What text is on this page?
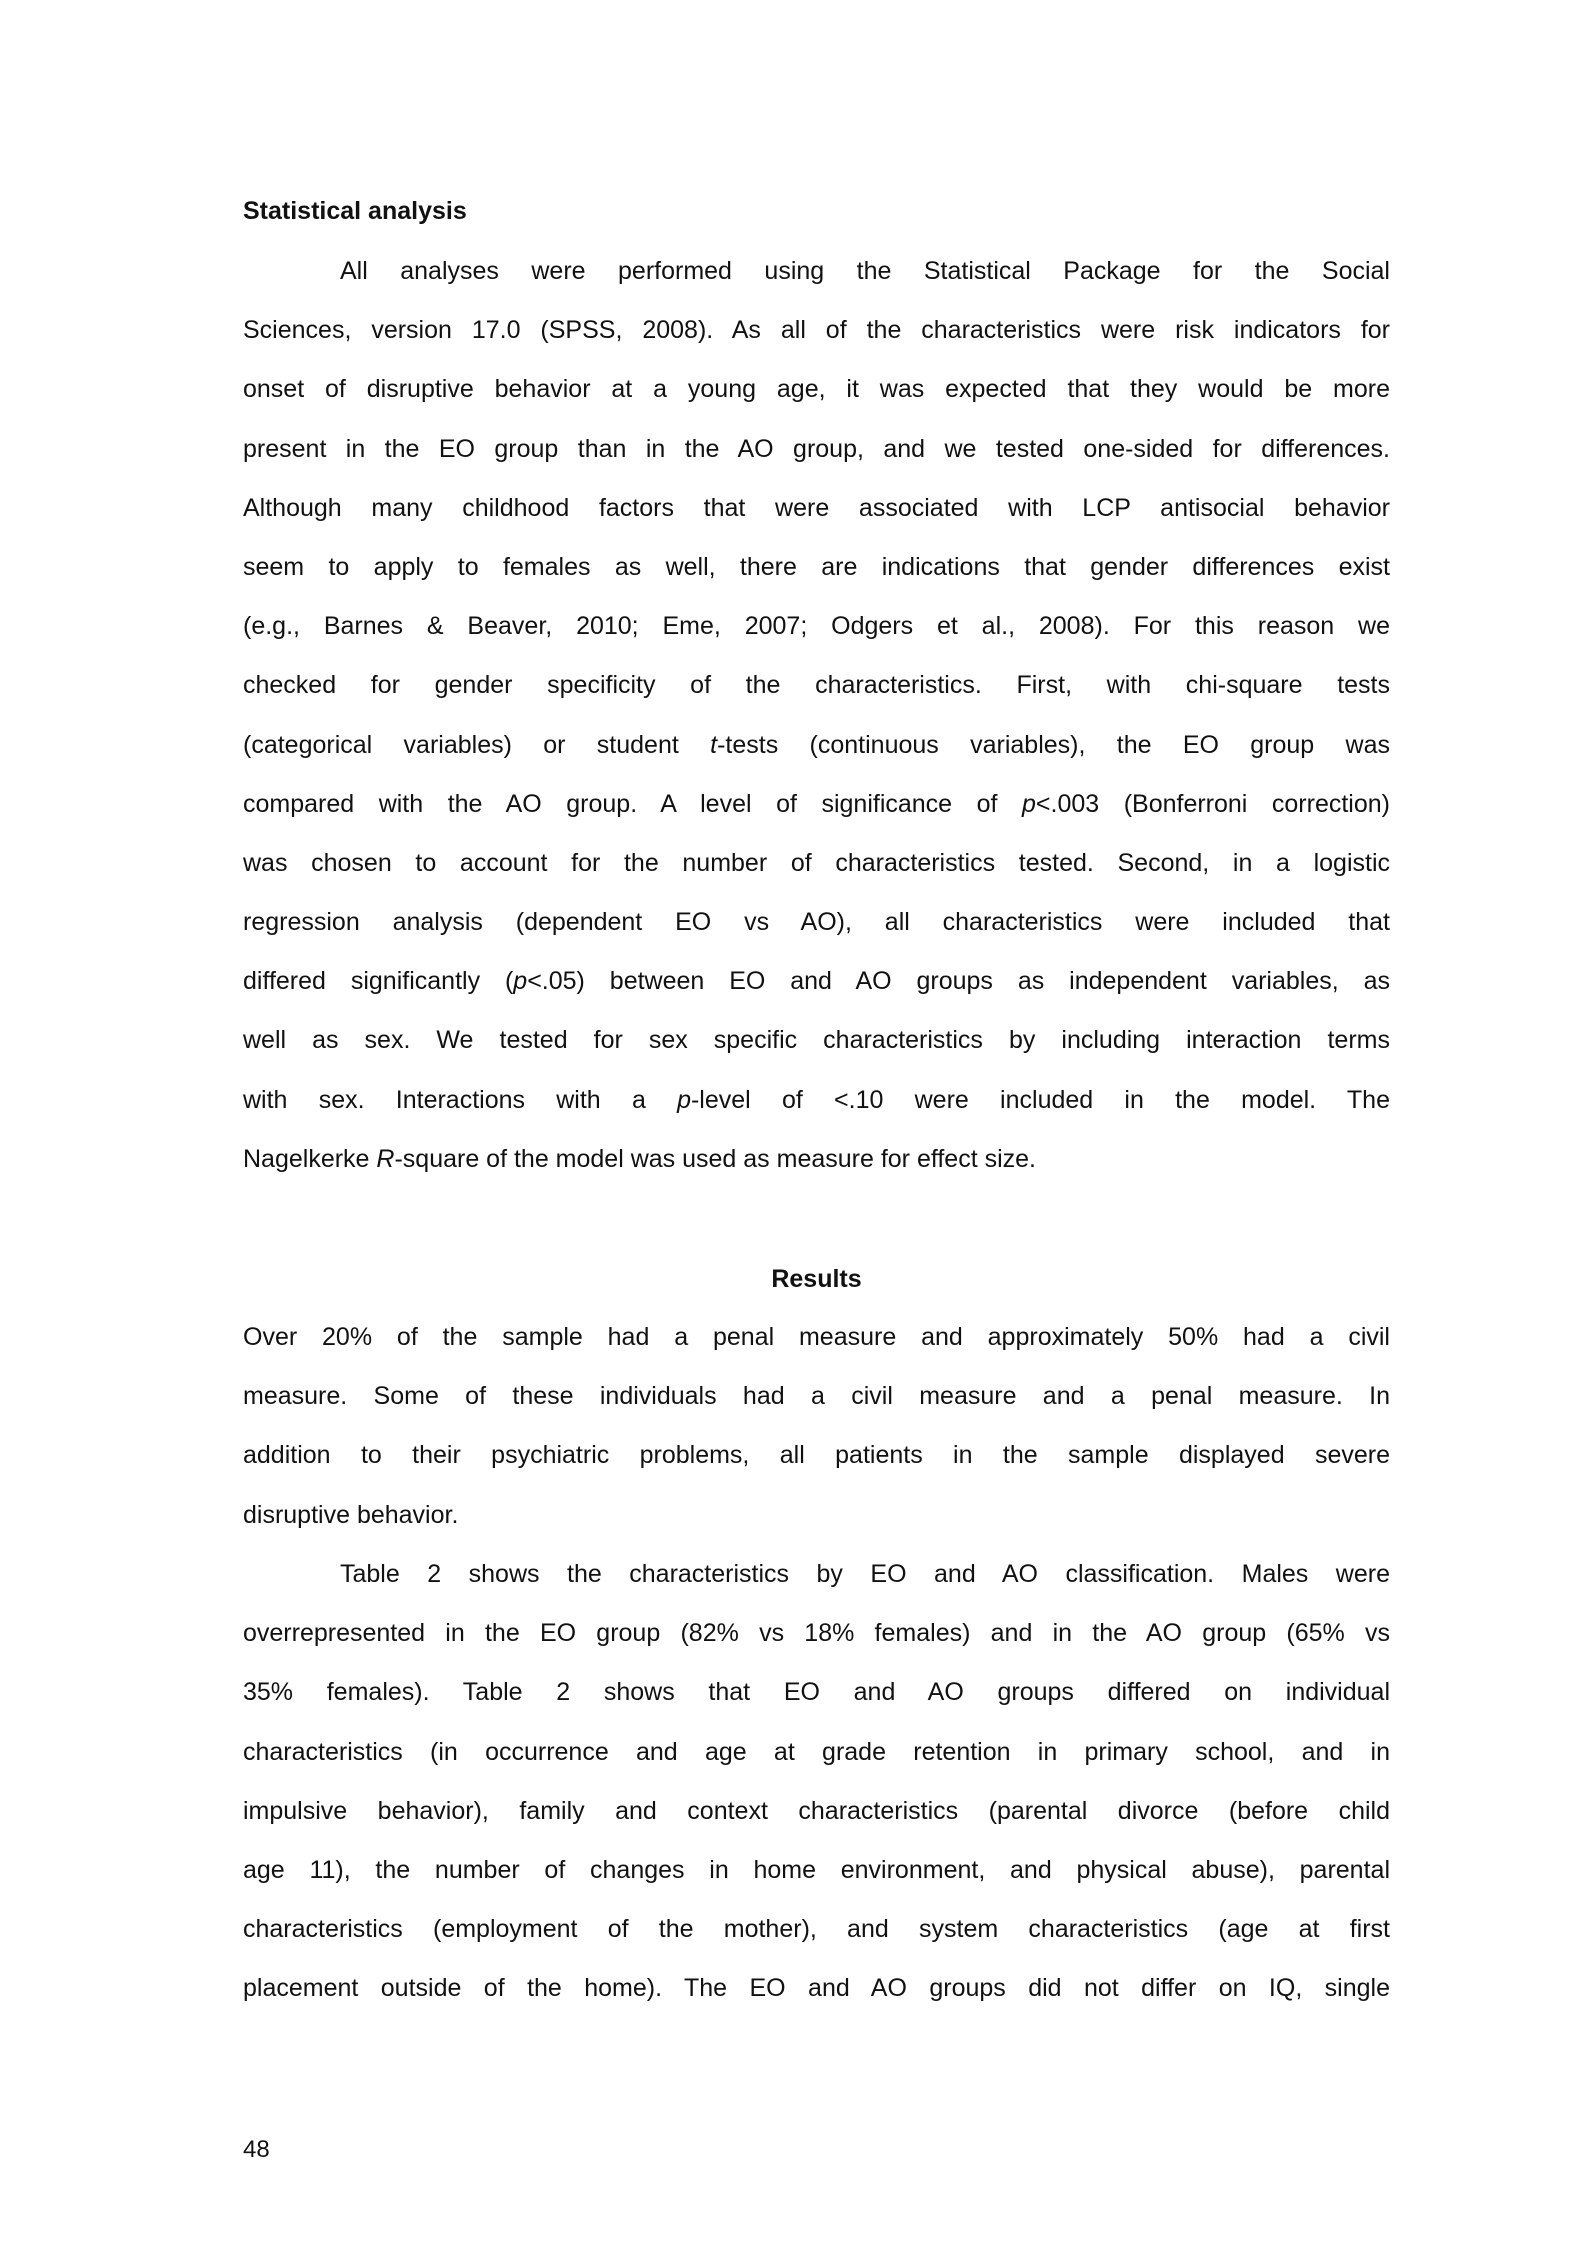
Statistical analysis
All analyses were performed using the Statistical Package for the Social
Sciences, version 17.0 (SPSS, 2008). As all of the characteristics were risk indicators for
onset of disruptive behavior at a young age, it was expected that they would be more
present in the EO group than in the AO group, and we tested one-sided for differences.
Although many childhood factors that were associated with LCP antisocial behavior
seem to apply to females as well, there are indications that gender differences exist
(e.g., Barnes & Beaver, 2010; Eme, 2007; Odgers et al., 2008). For this reason we
checked for gender specificity of the characteristics. First, with chi-square tests
(categorical variables) or student t-tests (continuous variables), the EO group was
compared with the AO group. A level of significance of p<.003 (Bonferroni correction)
was chosen to account for the number of characteristics tested. Second, in a logistic
regression analysis (dependent EO vs AO), all characteristics were included that
differed significantly (p<.05) between EO and AO groups as independent variables, as
well as sex. We tested for sex specific characteristics by including interaction terms
with sex. Interactions with a p-level of <.10 were included in the model. The
Nagelkerke R-square of the model was used as measure for effect size.
Results
Over 20% of the sample had a penal measure and approximately 50% had a civil
measure. Some of these individuals had a civil measure and a penal measure. In
addition to their psychiatric problems, all patients in the sample displayed severe
disruptive behavior.
Table 2 shows the characteristics by EO and AO classification. Males were
overrepresented in the EO group (82% vs 18% females) and in the AO group (65% vs
35% females). Table 2 shows that EO and AO groups differed on individual
characteristics (in occurrence and age at grade retention in primary school, and in
impulsive behavior), family and context characteristics (parental divorce (before child
age 11), the number of changes in home environment, and physical abuse), parental
characteristics (employment of the mother), and system characteristics (age at first
placement outside of the home). The EO and AO groups did not differ on IQ, single
48
